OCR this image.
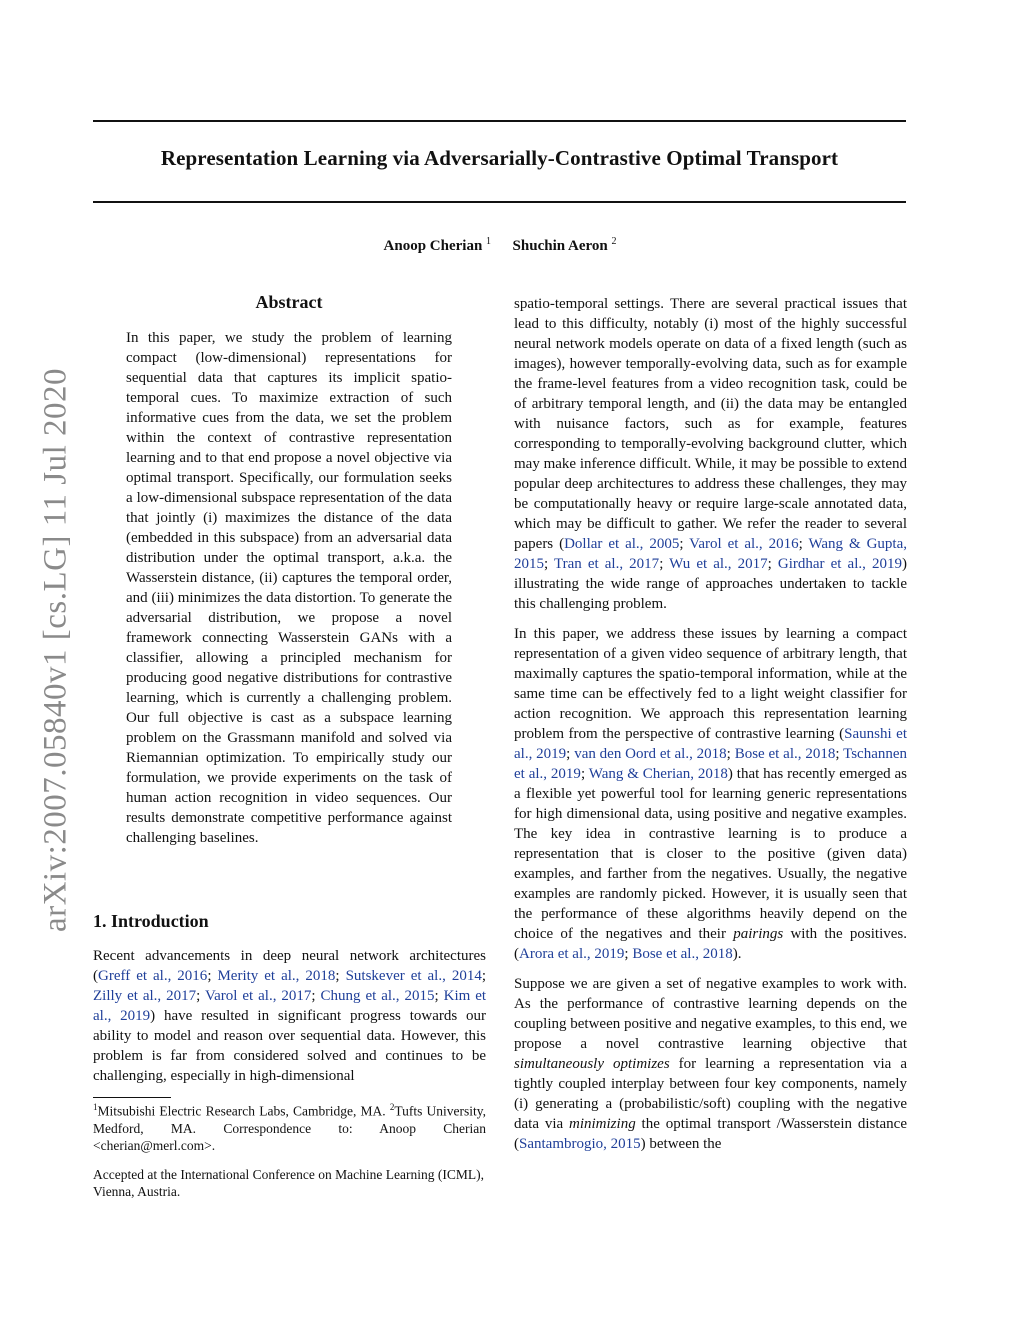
Representation Learning via Adversarially-Contrastive Optimal Transport
Anoop Cherian $^1$ Shuchin Aeron $^2$
arXiv:2007.05840v1 [cs.LG] 11 Jul 2020
Abstract
In this paper, we study the problem of learning compact (low-dimensional) representations for sequential data that captures its implicit spatio-temporal cues. To maximize extraction of such informative cues from the data, we set the problem within the context of contrastive representation learning and to that end propose a novel objective via optimal transport. Specifically, our formulation seeks a low-dimensional subspace representation of the data that jointly (i) maximizes the distance of the data (embedded in this subspace) from an adversarial data distribution under the optimal transport, a.k.a. the Wasserstein distance, (ii) captures the temporal order, and (iii) minimizes the data distortion. To generate the adversarial distribution, we propose a novel framework connecting Wasserstein GANs with a classifier, allowing a principled mechanism for producing good negative distributions for contrastive learning, which is currently a challenging problem. Our full objective is cast as a subspace learning problem on the Grassmann manifold and solved via Riemannian optimization. To empirically study our formulation, we provide experiments on the task of human action recognition in video sequences. Our results demonstrate competitive performance against challenging baselines.
1. Introduction

Recent advancements in deep neural network architectures (Greff et al., 2016; Merity et al., 2018; Sutskever et al., 2014; Zilly et al., 2017; Varol et al., 2017; Chung et al., 2015; Kim et al., 2019) have resulted in significant progress towards our ability to model and reason over sequential data. However, this problem is far from considered solved and continues to be challenging, especially in high-dimensional

$^1$Mitsubishi Electric Research Labs, Cambridge, MA. $^2$Tufts University, Medford, MA. Correspondence to: Anoop Cherian <cherian@merl.com>.

Accepted at the International Conference on Machine Learning (ICML), Vienna, Austria.

spatio-temporal settings. There are several practical issues that lead to this difficulty, notably (i) most of the highly successful neural network models operate on data of a fixed length (such as images), however temporally-evolving data, such as for example the frame-level features from a video recognition task, could be of arbitrary temporal length, and (ii) the data may be entangled with nuisance factors, such as for example, features corresponding to temporally-evolving background clutter, which may make inference difficult. While, it may be possible to extend popular deep architectures to address these challenges, they may be computationally heavy or require large-scale annotated data, which may be difficult to gather. We refer the reader to several papers (Dollar et al., 2005; Varol et al., 2016; Wang & Gupta, 2015; Tran et al., 2017; Wu et al., 2017; Girdhar et al., 2019) illustrating the wide range of approaches undertaken to tackle this challenging problem.

In this paper, we address these issues by learning a compact representation of a given video sequence of arbitrary length, that maximally captures the spatio-temporal information, while at the same time can be effectively fed to a light weight classifier for action recognition. We approach this representation learning problem from the perspective of contrastive learning (Saunshi et al., 2019; van den Oord et al., 2018; Bose et al., 2018; Tschannen et al., 2019; Wang & Cherian, 2018) that has recently emerged as a flexible yet powerful tool for learning generic representations for high dimensional data, using positive and negative examples. The key idea in contrastive learning is to produce a representation that is closer to the positive (given data) examples, and farther from the negatives. Usually, the negative examples are randomly picked. However, it is usually seen that the performance of these algorithms heavily depend on the choice of the negatives and their pairings with the positives. (Arora et al., 2019; Bose et al., 2018).

Suppose we are given a set of negative examples to work with. As the performance of contrastive learning depends on the coupling between positive and negative examples, to this end, we propose a novel contrastive learning objective that simultaneously optimizes for learning a representation via a tightly coupled interplay between four key components, namely (i) generating a (probabilistic/soft) coupling with the negative data via minimizing the optimal transport /Wasserstein distance (Santambrogio, 2015) between the
